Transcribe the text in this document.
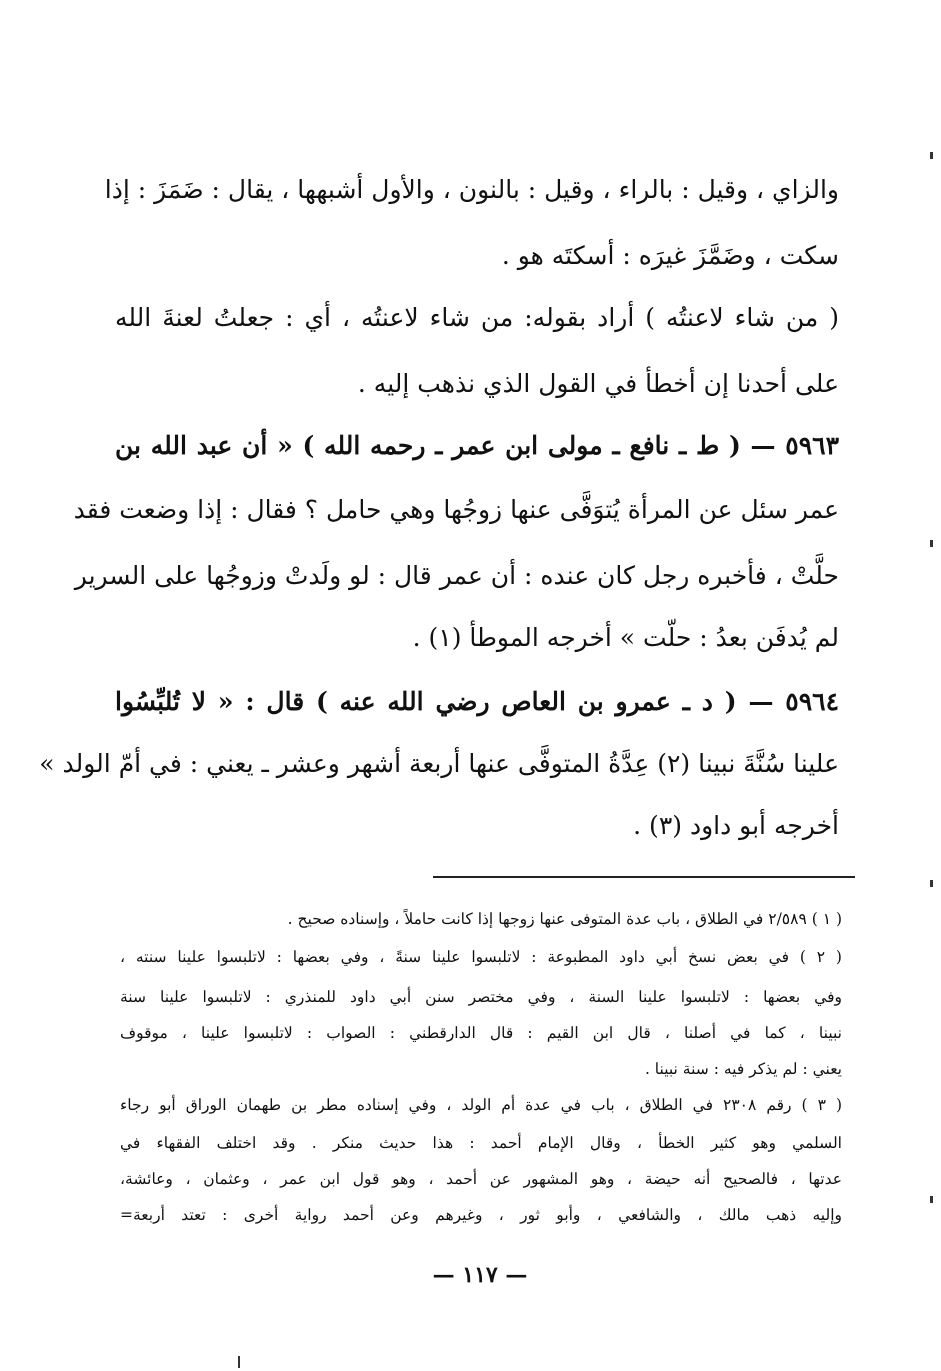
والزاي ، وقيل : بالراء ، وقيل : بالنون ، والأول أشبهها ، يقال : ضَمَزَ : إذا
سكت ، وضَمَّزَ غيرَه : أسكتَه هو .
( من شاء لاعنتُه ) أراد بقوله: من شاء لاعنتُه ، أي : جعلتُ لعنةَ الله
على أحدنا إن أخطأ في القول الذي نذهب إليه .
٥٩٦٣ — ( ط ـ نافع ـ مولى ابن عمر ـ رحمه الله ) « أن عبد الله بن
عمر سئل عن المرأة يُتوَفَّى عنها زوجُها وهي حامل ؟ فقال : إذا وضعت فقد
حلَّتْ ، فأخبره رجل كان عنده : أن عمر قال : لو ولَدتْ وزوجُها على السرير
لم يُدفَن بعدُ : حلّت » أخرجه الموطأ (١) .
٥٩٦٤ — ( د ـ عمرو بن العاص رضي الله عنه ) قال : « لا تُلبِّسُوا
علينا سُنَّةَ نبينا (٢) عِدَّةُ المتوفَّى عنها أربعة أشهر وعشر ـ يعني : في أمّ الولد »
أخرجه أبو داود (٣) .
( ١ ) ٢/٥٨٩ في الطلاق ، باب عدة المتوفى عنها زوجها إذا كانت حاملاً ، وإسناده صحيح .
( ٢ ) في بعض نسخ أبي داود المطبوعة : لاتلبسوا علينا سنةً ، وفي بعضها : لاتلبسوا علينا سنته ،
وفي بعضها : لاتلبسوا علينا السنة ، وفي مختصر سنن أبي داود للمنذري : لاتلبسوا علينا سنة
نبينا ، كما في أصلنا ، قال ابن القيم : قال الدارقطني : الصواب : لاتلبسوا علينا ، موقوف
يعني : لم يذكر فيه : سنة نبينا .
( ٣ ) رقم ٢٣٠٨ في الطلاق ، باب في عدة أم الولد ، وفي إسناده مطر بن طهمان الوراق أبو رجاء
السلمي وهو كثير الخطأ ، وقال الإمام أحمد : هذا حديث منكر . وقد اختلف الفقهاء في
عدتها ، فالصحيح أنه حيضة ، وهو المشهور عن أحمد ، وهو قول ابن عمر ، وعثمان ، وعائشة،
وإليه ذهب مالك ، والشافعي ، وأبو ثور ، وغيرهم وعن أحمد رواية أخرى : تعتد أربعة=
— ١١٧ —
